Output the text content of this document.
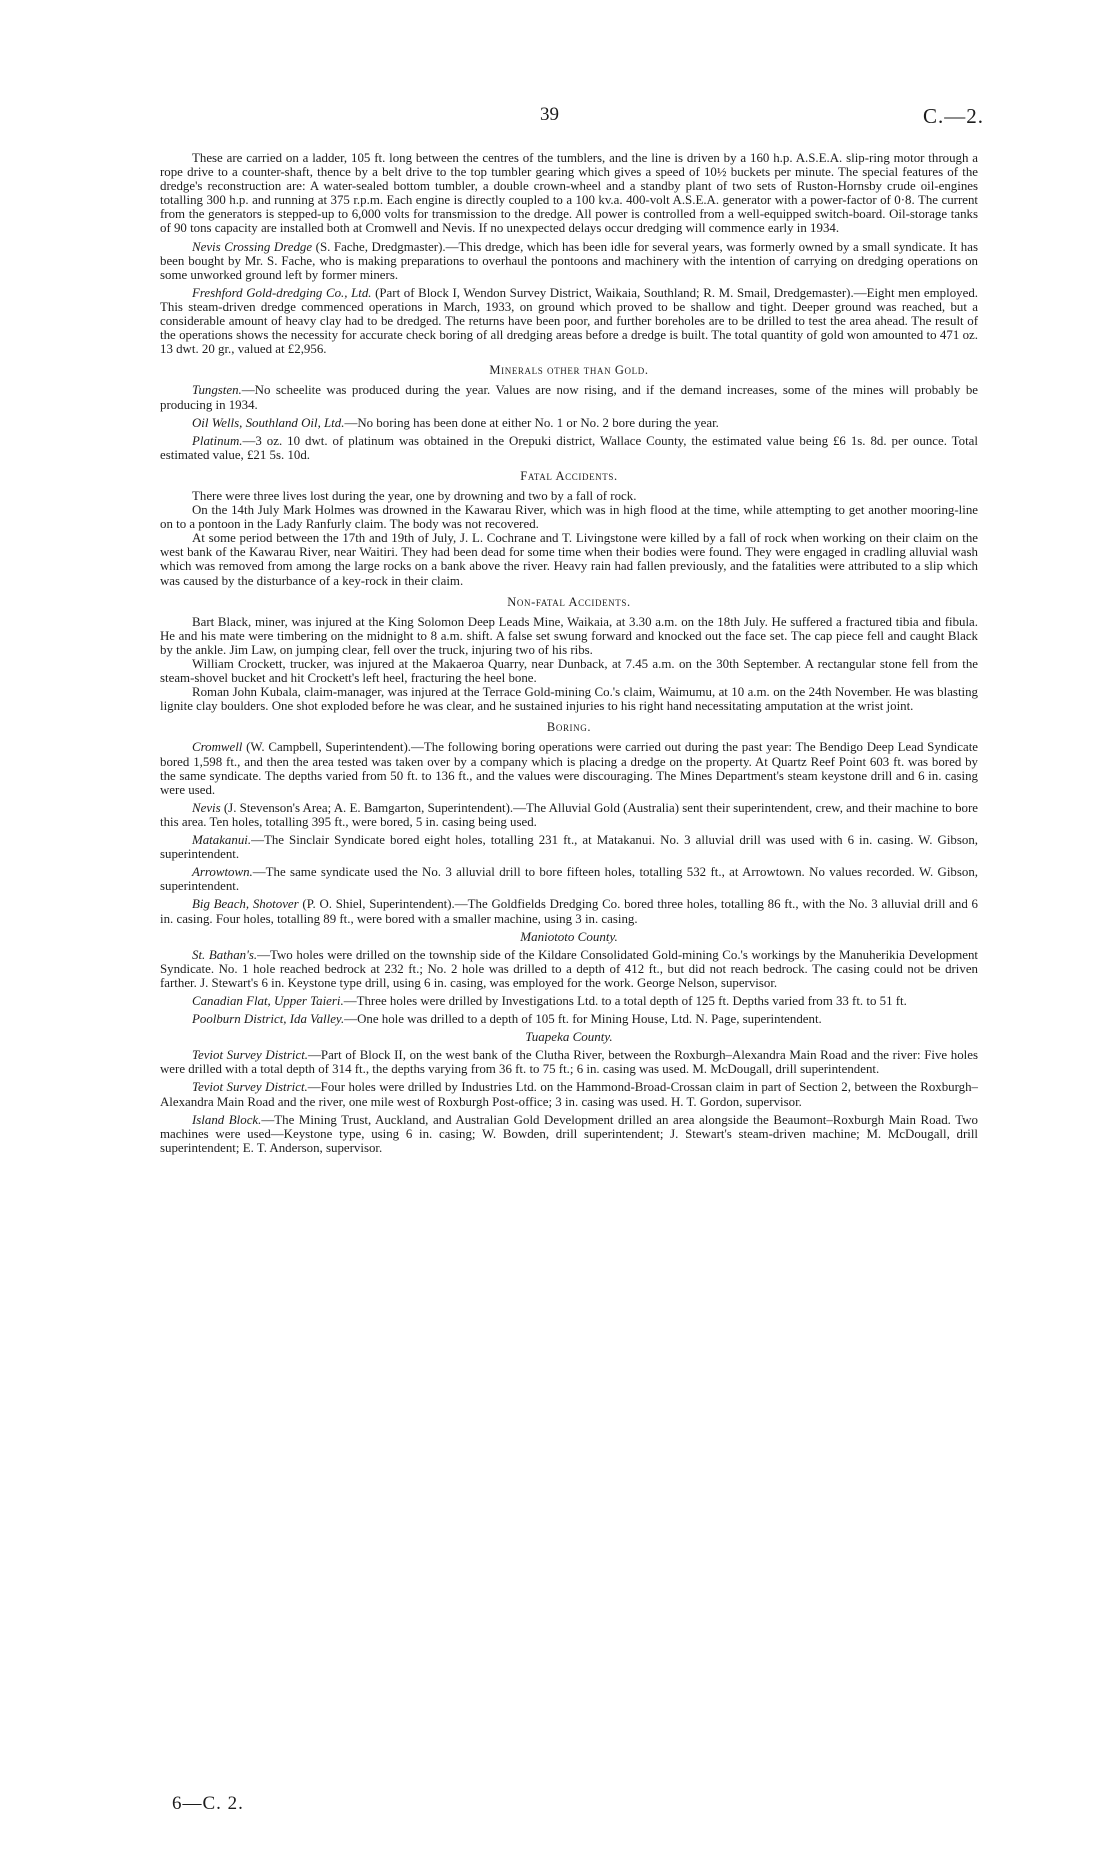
39	C.—2.

These are carried on a ladder, 105 ft. long between the centres of the tumblers, and the line is driven by a 160 h.p. A.S.E.A. slip-ring motor through a rope drive to a counter-shaft, thence by a belt drive to the top tumbler gearing which gives a speed of 10½ buckets per minute. The special features of the dredge's reconstruction are: A water-sealed bottom tumbler, a double crown-wheel and a standby plant of two sets of Ruston-Hornsby crude oil-engines totalling 300 h.p. and running at 375 r.p.m. Each engine is directly coupled to a 100 kv.a. 400-volt A.S.E.A. generator with a power-factor of 0·8. The current from the generators is stepped-up to 6,000 volts for transmission to the dredge. All power is controlled from a well-equipped switch-board. Oil-storage tanks of 90 tons capacity are installed both at Cromwell and Nevis. If no unexpected delays occur dredging will commence early in 1934.

Nevis Crossing Dredge (S. Fache, Dredgmaster).—This dredge, which has been idle for several years, was formerly owned by a small syndicate. It has been bought by Mr. S. Fache, who is making preparations to overhaul the pontoons and machinery with the intention of carrying on dredging operations on some unworked ground left by former miners.

Freshford Gold-dredging Co., Ltd. (Part of Block I, Wendon Survey District, Waikaia, Southland; R. M. Smail, Dredgemaster).—Eight men employed. This steam-driven dredge commenced operations in March, 1933, on ground which proved to be shallow and tight. Deeper ground was reached, but a considerable amount of heavy clay had to be dredged. The returns have been poor, and further boreholes are to be drilled to test the area ahead. The result of the operations shows the necessity for accurate check boring of all dredging areas before a dredge is built. The total quantity of gold won amounted to 471 oz. 13 dwt. 20 gr., valued at £2,956.

Minerals other than Gold.

Tungsten.—No scheelite was produced during the year. Values are now rising, and if the demand increases, some of the mines will probably be producing in 1934.

Oil Wells, Southland Oil, Ltd.—No boring has been done at either No. 1 or No. 2 bore during the year.

Platinum.—3 oz. 10 dwt. of platinum was obtained in the Orepuki district, Wallace County, the estimated value being £6 1s. 8d. per ounce. Total estimated value, £21 5s. 10d.

Fatal Accidents.

There were three lives lost during the year, one by drowning and two by a fall of rock.

On the 14th July Mark Holmes was drowned in the Kawarau River, which was in high flood at the time, while attempting to get another mooring-line on to a pontoon in the Lady Ranfurly claim. The body was not recovered.

At some period between the 17th and 19th of July, J. L. Cochrane and T. Livingstone were killed by a fall of rock when working on their claim on the west bank of the Kawarau River, near Waitiri. They had been dead for some time when their bodies were found. They were engaged in cradling alluvial wash which was removed from among the large rocks on a bank above the river. Heavy rain had fallen previously, and the fatalities were attributed to a slip which was caused by the disturbance of a key-rock in their claim.

Non-fatal Accidents.

Bart Black, miner, was injured at the King Solomon Deep Leads Mine, Waikaia, at 3.30 a.m. on the 18th July. He suffered a fractured tibia and fibula. He and his mate were timbering on the midnight to 8 a.m. shift. A false set swung forward and knocked out the face set. The cap piece fell and caught Black by the ankle. Jim Law, on jumping clear, fell over the truck, injuring two of his ribs.

William Crockett, trucker, was injured at the Makaeroa Quarry, near Dunback, at 7.45 a.m. on the 30th September. A rectangular stone fell from the steam-shovel bucket and hit Crockett's left heel, fracturing the heel bone.

Roman John Kubala, claim-manager, was injured at the Terrace Gold-mining Co.'s claim, Waimumu, at 10 a.m. on the 24th November. He was blasting lignite clay boulders. One shot exploded before he was clear, and he sustained injuries to his right hand necessitating amputation at the wrist joint.

Boring.

Cromwell (W. Campbell, Superintendent).—The following boring operations were carried out during the past year: The Bendigo Deep Lead Syndicate bored 1,598 ft., and then the area tested was taken over by a company which is placing a dredge on the property. At Quartz Reef Point 603 ft. was bored by the same syndicate. The depths varied from 50 ft. to 136 ft., and the values were discouraging. The Mines Department's steam keystone drill and 6 in. casing were used.

Nevis (J. Stevenson's Area; A. E. Bamgarton, Superintendent).—The Alluvial Gold (Australia) sent their superintendent, crew, and their machine to bore this area. Ten holes, totalling 395 ft., were bored, 5 in. casing being used.

Matakanui.—The Sinclair Syndicate bored eight holes, totalling 231 ft., at Matakanui. No. 3 alluvial drill was used with 6 in. casing. W. Gibson, superintendent.

Arrowtown.—The same syndicate used the No. 3 alluvial drill to bore fifteen holes, totalling 532 ft., at Arrowtown. No values recorded. W. Gibson, superintendent.

Big Beach, Shotover (P. O. Shiel, Superintendent).—The Goldfields Dredging Co. bored three holes, totalling 86 ft., with the No. 3 alluvial drill and 6 in. casing. Four holes, totalling 89 ft., were bored with a smaller machine, using 3 in. casing.

Maniototo County.

St. Bathan's.—Two holes were drilled on the township side of the Kildare Consolidated Gold-mining Co.'s workings by the Manuherikia Development Syndicate. No. 1 hole reached bedrock at 232 ft.; No. 2 hole was drilled to a depth of 412 ft., but did not reach bedrock. The casing could not be driven farther. J. Stewart's 6 in. Keystone type drill, using 6 in. casing, was employed for the work. George Nelson, supervisor.

Canadian Flat, Upper Taieri.—Three holes were drilled by Investigations Ltd. to a total depth of 125 ft. Depths varied from 33 ft. to 51 ft.

Poolburn District, Ida Valley.—One hole was drilled to a depth of 105 ft. for Mining House, Ltd. N. Page, superintendent.

Tuapeka County.

Teviot Survey District.—Part of Block II, on the west bank of the Clutha River, between the Roxburgh–Alexandra Main Road and the river: Five holes were drilled with a total depth of 314 ft., the depths varying from 36 ft. to 75 ft.; 6 in. casing was used. M. McDougall, drill superintendent.

Teviot Survey District.—Four holes were drilled by Industries Ltd. on the Hammond-Broad-Crossan claim in part of Section 2, between the Roxburgh–Alexandra Main Road and the river, one mile west of Roxburgh Post-office; 3 in. casing was used. H. T. Gordon, supervisor.

Island Block.—The Mining Trust, Auckland, and Australian Gold Development drilled an area alongside the Beaumont–Roxburgh Main Road. Two machines were used—Keystone type, using 6 in. casing; W. Bowden, drill superintendent; J. Stewart's steam-driven machine; M. McDougall, drill superintendent; E. T. Anderson, supervisor.

6—C. 2.
